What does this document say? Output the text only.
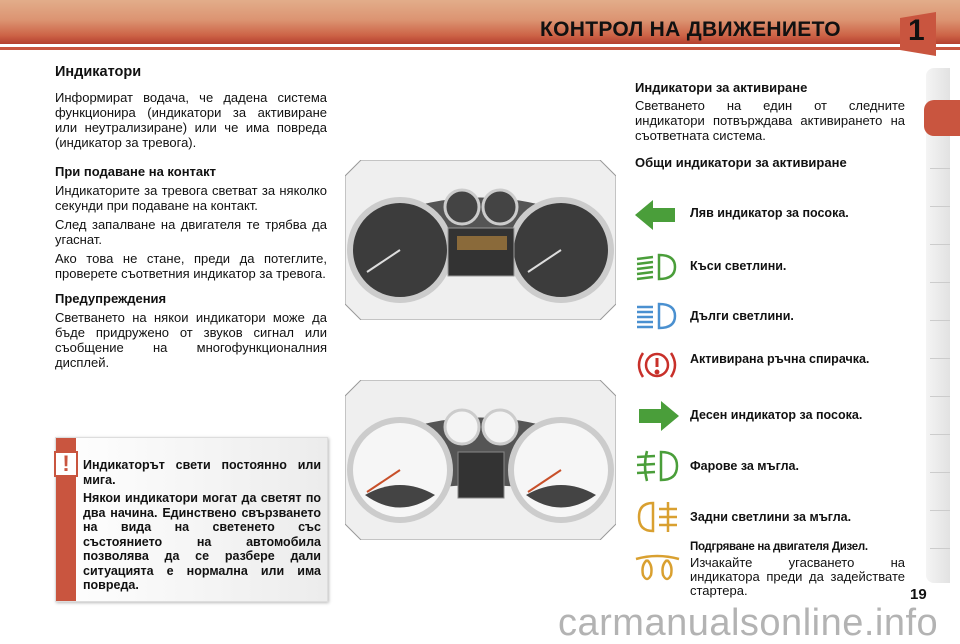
КОНТРОЛ НА ДВИЖЕНИЕТО 1
Индикатори
Информират водача, че дадена система функционира (индикатори за активиране или неутрализиране) или че има повреда (индикатор за тревога).
При подаване на контакт
Индикаторите за тревога светват за няколко секунди при подаване на контакт.
След запалване на двигателя те трябва да угаснат.
Ако това не стане, преди да потеглите, проверете съответния индикатор за тревога.
Предупреждения
Светването на някои индикатори може да бъде придружено от звуков сигнал или съобщение на многофункционалния дисплей.
!	Индикаторът свети постоянно или мига.
Някои индикатори могат да светят по два начина. Единствено свързването на вида на светенето със състоянието на автомобила позволява да се разбере дали ситуацията е нормална или има повреда.
Индикатори за активиране
Светването на един от следните индикатори потвърждава активирането на съответната система.
Общи индикатори за активиране
Ляв индикатор за посока.
Къси светлини.
Дълги светлини.
Активирана ръчна спирачка.
Десен индикатор за посока.
Фарове за мъгла.
Задни светлини за мъгла.
Подгряване на двигателя Дизел.
Изчакайте угасването на индикатора преди да задействате стартера.
carmanualsonline.info
19
